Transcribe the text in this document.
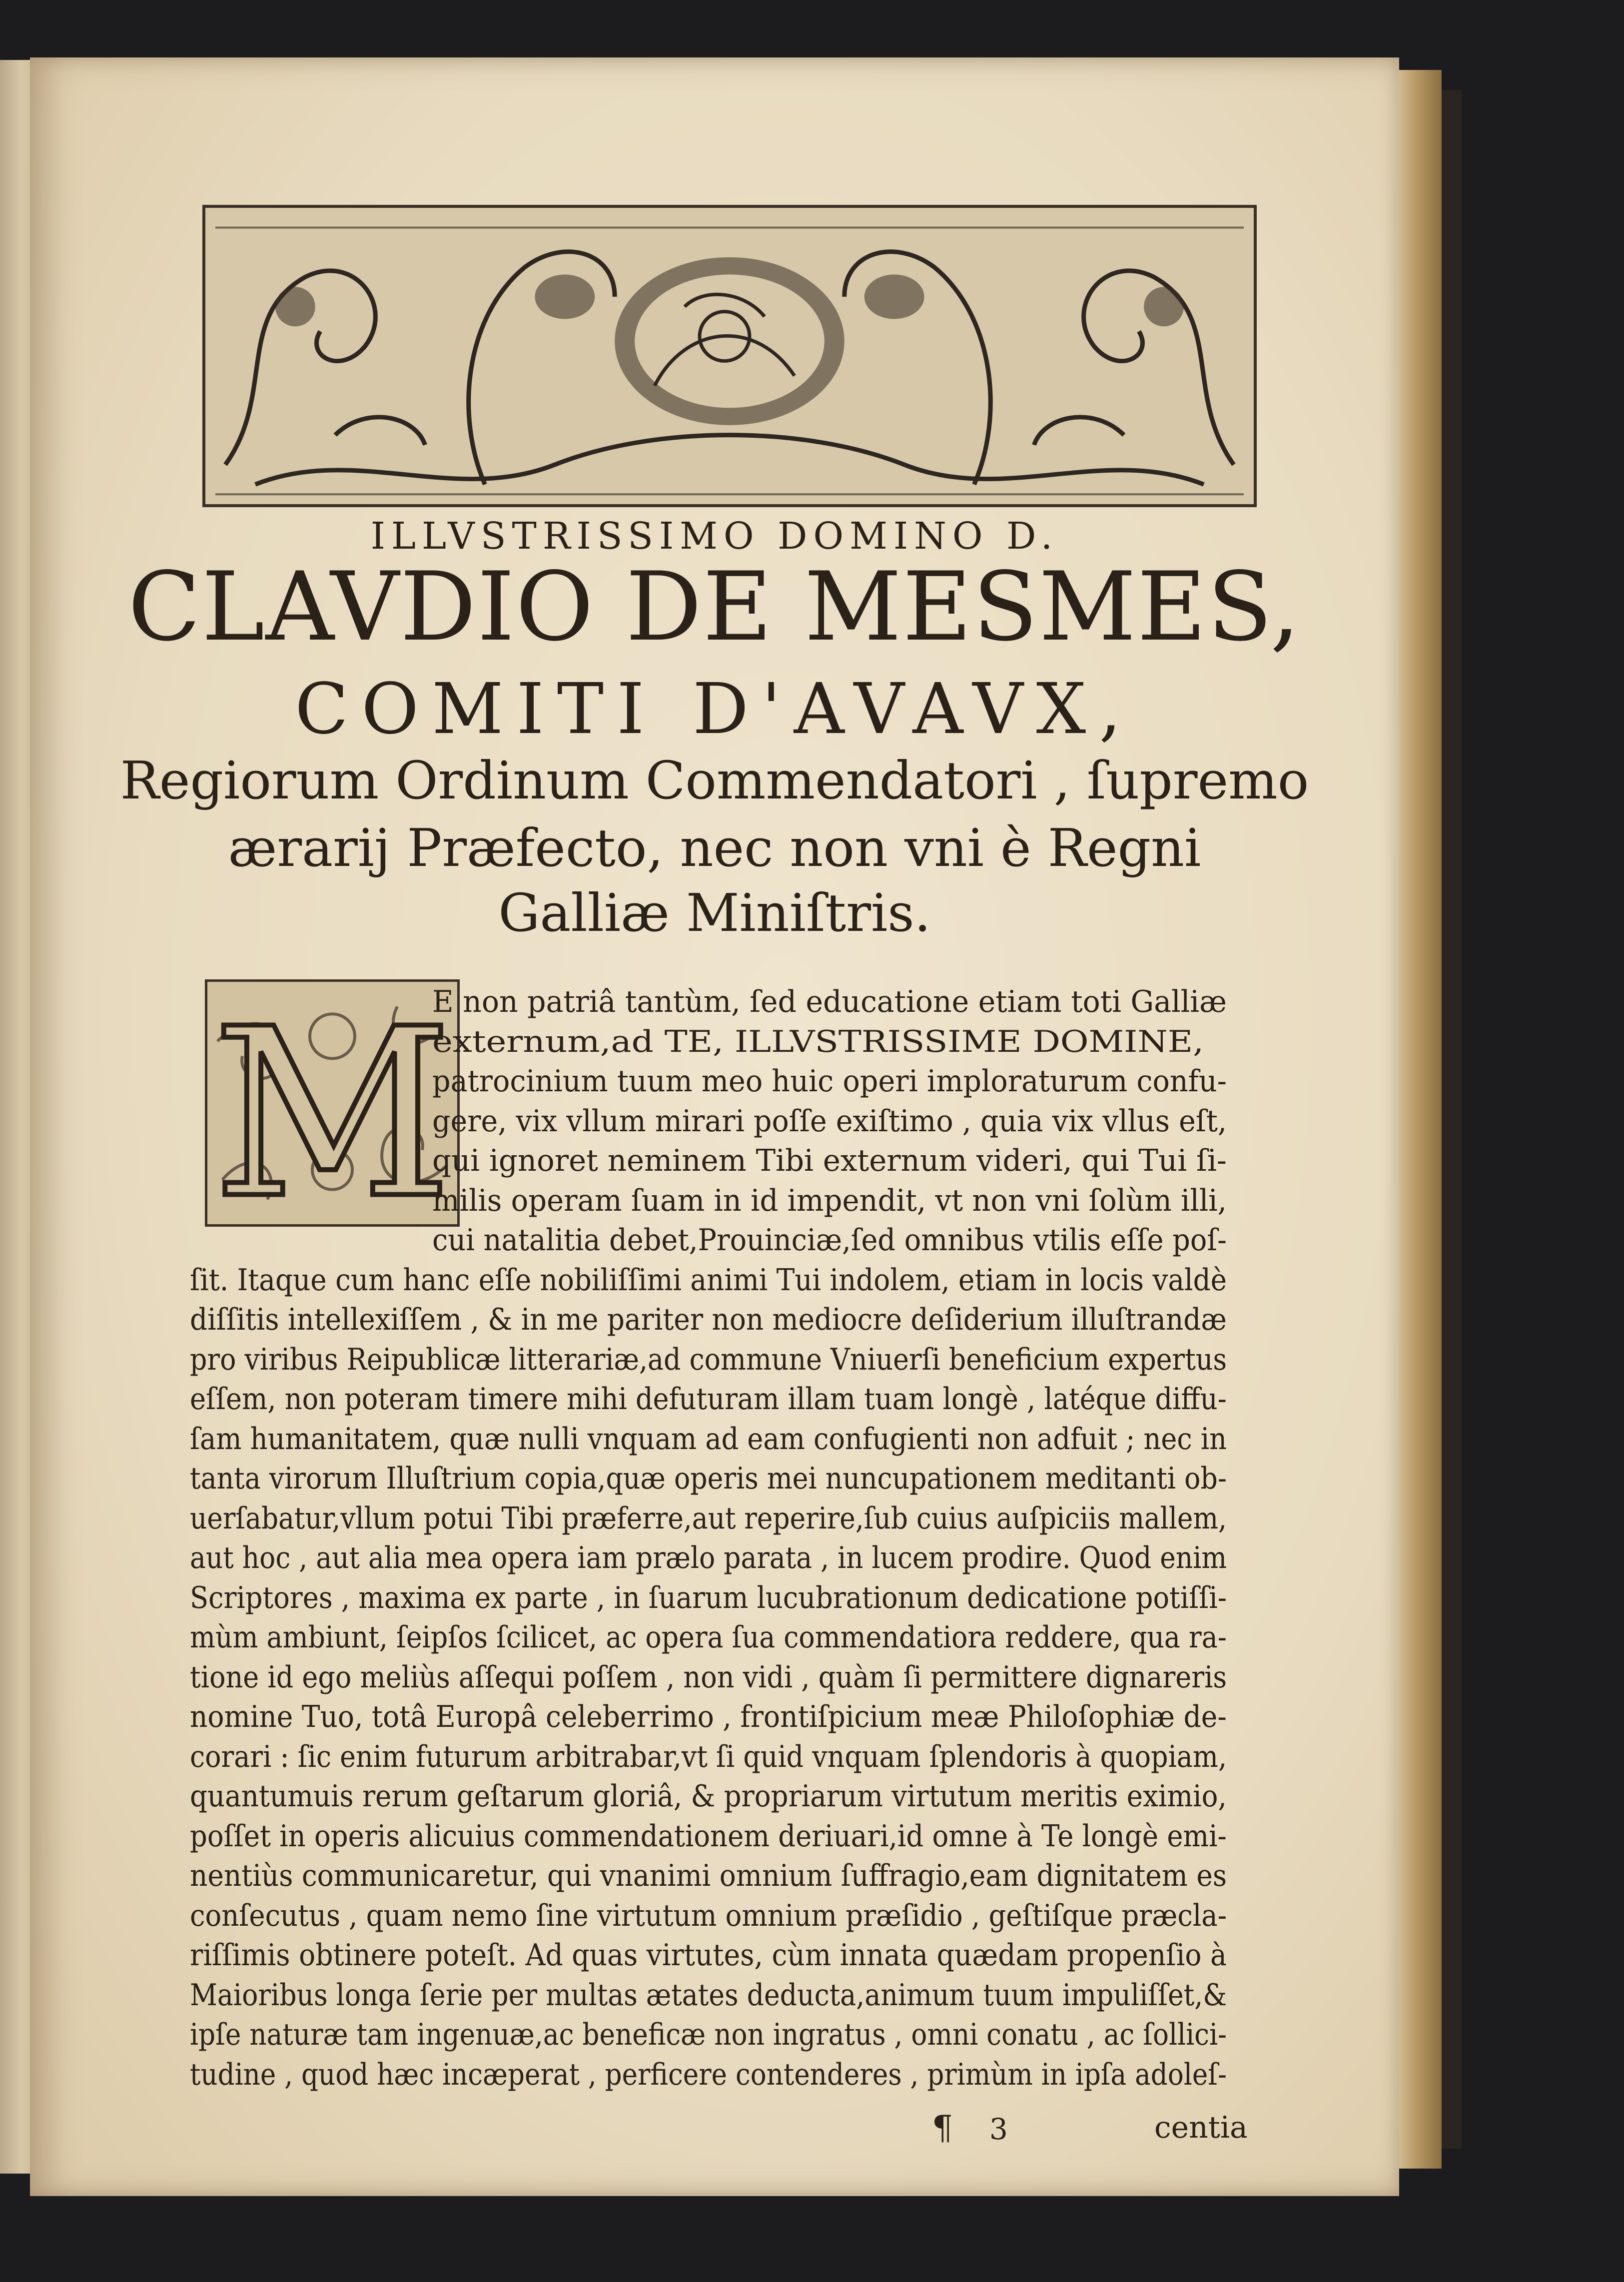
ILLVSTRISSIMO DOMINO D.
CLAVDIO DE MESMES,
COMITI D'AVAVX,
Regiorum Ordinum Commendatori , ſupremo
ærarij Præfecto, nec non vni è Regni
Galliæ Miniſtris.
M
E non patriâ tantùm, ſed educatione etiam toti Galliæ
externum,ad TE, ILLVSTRISSIME DOMINE,
patrocinium tuum meo huic operi imploraturum confu-
gere, vix vllum mirari poſſe exiſtimo , quia vix vllus eſt,
qui ignoret neminem Tibi externum videri, qui Tui ſi-
milis operam ſuam in id impendit, vt non vni ſolùm illi,
cui natalitia debet,Prouinciæ,ſed omnibus vtilis eſſe poſ-
ſit. Itaque cum hanc eſſe nobiliſſimi animi Tui indolem, etiam in locis valdè
diſſitis intellexiſſem , & in me pariter non mediocre deſiderium illuſtrandæ
pro viribus Reipublicæ litterariæ,ad commune Vniuerſi beneficium expertus
eſſem, non poteram timere mihi defuturam illam tuam longè , latéque diffu-
ſam humanitatem, quæ nulli vnquam ad eam confugienti non adfuit ; nec in
tanta virorum Illuſtrium copia,quæ operis mei nuncupationem meditanti ob-
uerſabatur,vllum potui Tibi præferre,aut reperire,ſub cuius auſpiciis mallem,
aut hoc , aut alia mea opera iam prælo parata , in lucem prodire. Quod enim
Scriptores , maxima ex parte , in ſuarum lucubrationum dedicatione potiſſi-
mùm ambiunt, ſeipſos ſcilicet, ac opera ſua commendatiora reddere, qua ra-
tione id ego meliùs aſſequi poſſem , non vidi , quàm ſi permittere dignareris
nomine Tuo, totâ Europâ celeberrimo , frontiſpicium meæ Philoſophiæ de-
corari : ſic enim futurum arbitrabar,vt ſi quid vnquam ſplendoris à quopiam,
quantumuis rerum geſtarum gloriâ, & propriarum virtutum meritis eximio,
poſſet in operis alicuius commendationem deriuari,id omne à Te longè emi-
nentiùs communicaretur, qui vnanimi omnium ſuffragio,eam dignitatem es
conſecutus , quam nemo ſine virtutum omnium præſidio , geſtiſque præcla-
riſſimis obtinere poteſt. Ad quas virtutes, cùm innata quædam propenſio à
Maioribus longa ſerie per multas ætates deducta,animum tuum impuliſſet,&
ipſe naturæ tam ingenuæ,ac beneficæ non ingratus , omni conatu , ac ſollici-
tudine , quod hæc incæperat , perficere contenderes , primùm in ipſa adoleſ-
¶ 3	centia
